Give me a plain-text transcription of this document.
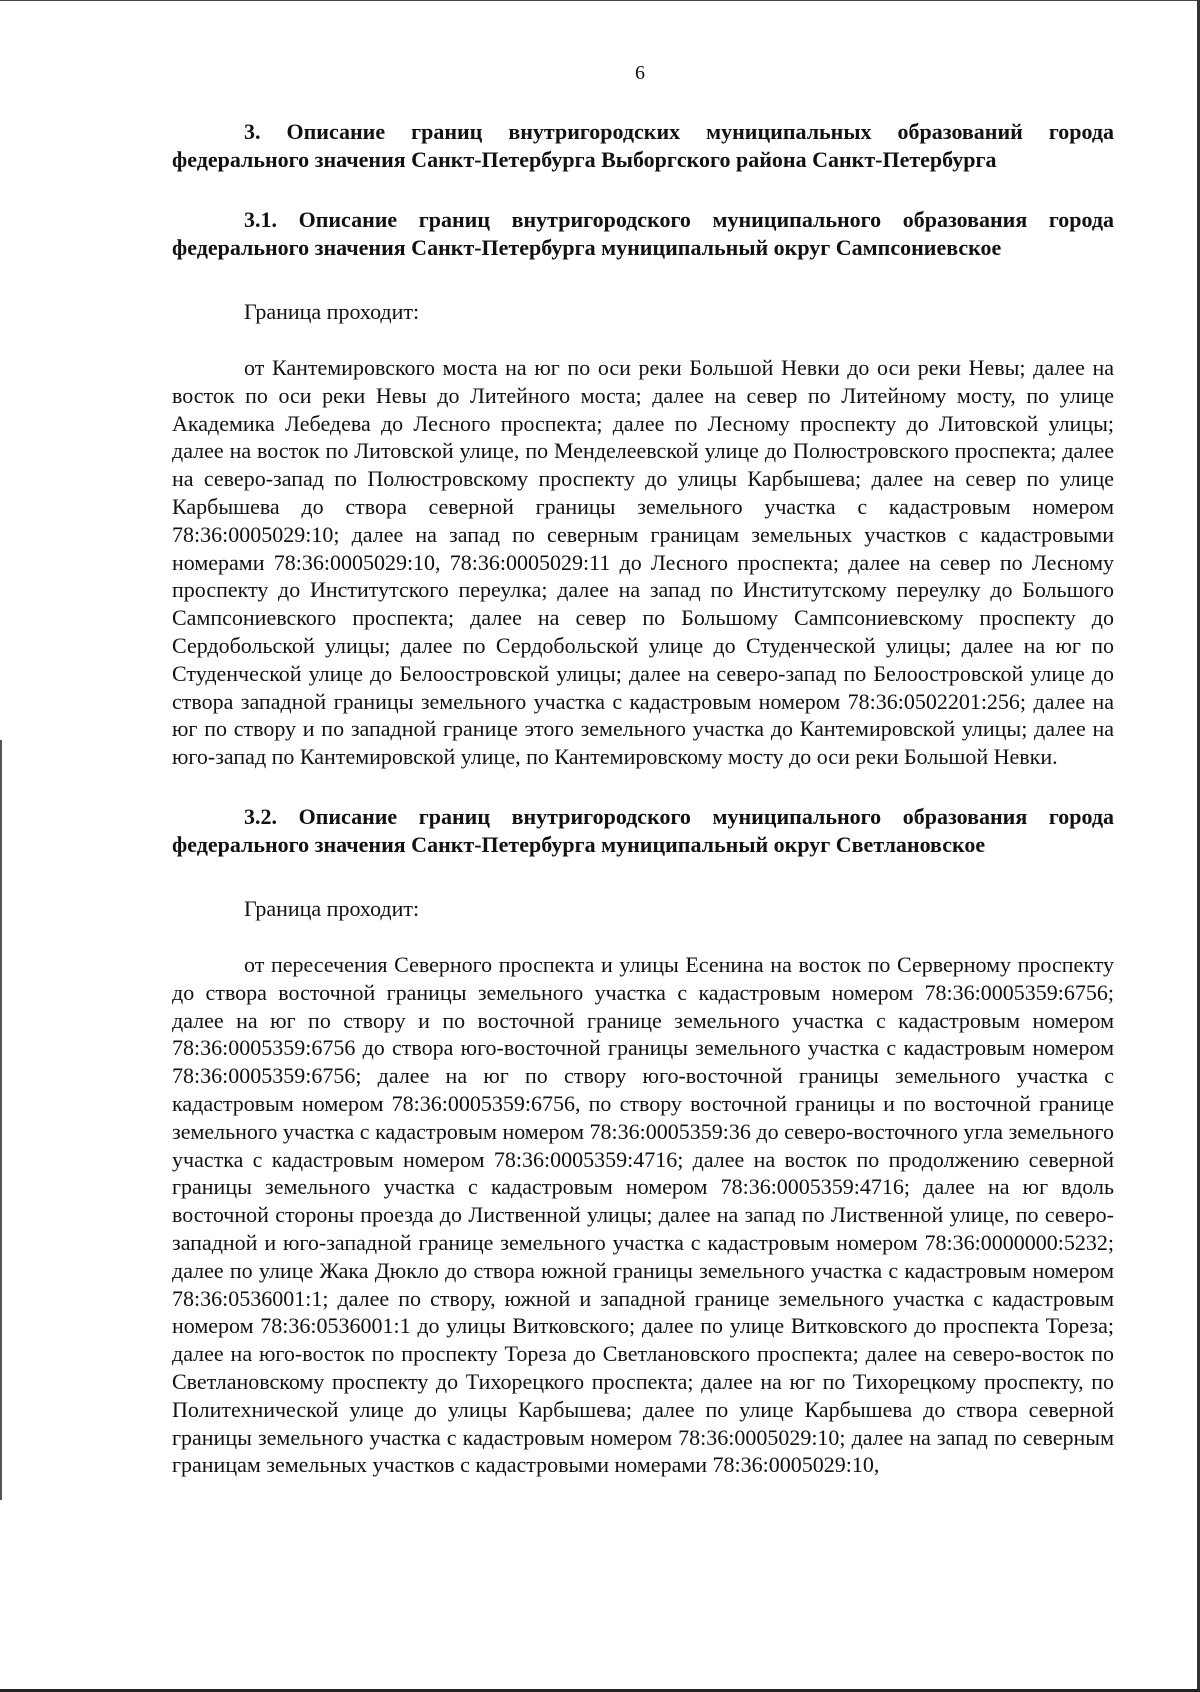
6

3. Описание границ внутригородских муниципальных образований города федерального значения Санкт-Петербурга Выборгского района Санкт-Петербурга

3.1. Описание границ внутригородского муниципального образования города федерального значения Санкт-Петербурга муниципальный округ Сампсониевское

Граница проходит:

от Кантемировского моста на юг по оси реки Большой Невки до оси реки Невы; далее на восток по оси реки Невы до Литейного моста; далее на север по Литейному мосту, по улице Академика Лебедева до Лесного проспекта; далее по Лесному проспекту до Литовской улицы; далее на восток по Литовской улице, по Менделеевской улице до Полюстровского проспекта; далее на северо-запад по Полюстровскому проспекту до улицы Карбышева; далее на север по улице Карбышева до створа северной границы земельного участка с кадастровым номером 78:36:0005029:10; далее на запад по северным границам земельных участков с кадастровыми номерами 78:36:0005029:10, 78:36:0005029:11 до Лесного проспекта; далее на север по Лесному проспекту до Институтского переулка; далее на запад по Институтскому переулку до Большого Сампсониевского проспекта; далее на север по Большому Сампсониевскому проспекту до Сердобольской улицы; далее по Сердобольской улице до Студенческой улицы; далее на юг по Студенческой улице до Белоостровской улицы; далее на северо-запад по Белоостровской улице до створа западной границы земельного участка с кадастровым номером 78:36:0502201:256; далее на юг по створу и по западной границе этого земельного участка до Кантемировской улицы; далее на юго-запад по Кантемировской улице, по Кантемировскому мосту до оси реки Большой Невки.

3.2. Описание границ внутригородского муниципального образования города федерального значения Санкт-Петербурга муниципальный округ Светлановское

Граница проходит:

от пересечения Северного проспекта и улицы Есенина на восток по Серверному проспекту до створа восточной границы земельного участка с кадастровым номером 78:36:0005359:6756; далее на юг по створу и по восточной границе земельного участка с кадастровым номером 78:36:0005359:6756 до створа юго-восточной границы земельного участка с кадастровым номером 78:36:0005359:6756; далее на юг по створу юго-восточной границы земельного участка с кадастровым номером 78:36:0005359:6756, по створу восточной границы и по восточной границе земельного участка с кадастровым номером 78:36:0005359:36 до северо-восточного угла земельного участка с кадастровым номером 78:36:0005359:4716; далее на восток по продолжению северной границы земельного участка с кадастровым номером 78:36:0005359:4716; далее на юг вдоль восточной стороны проезда до Лиственной улицы; далее на запад по Лиственной улице, по северо-западной и юго-западной границе земельного участка с кадастровым номером 78:36:0000000:5232; далее по улице Жака Дюкло до створа южной границы земельного участка с кадастровым номером 78:36:0536001:1; далее по створу, южной и западной границе земельного участка с кадастровым номером 78:36:0536001:1 до улицы Витковского; далее по улице Витковского до проспекта Тореза; далее на юго-восток по проспекту Тореза до Светлановского проспекта; далее на северо-восток по Светлановскому проспекту до Тихорецкого проспекта; далее на юг по Тихорецкому проспекту, по Политехнической улице до улицы Карбышева; далее по улице Карбышева до створа северной границы земельного участка с кадастровым номером 78:36:0005029:10; далее на запад по северным границам земельных участков с кадастровыми номерами 78:36:0005029:10,
